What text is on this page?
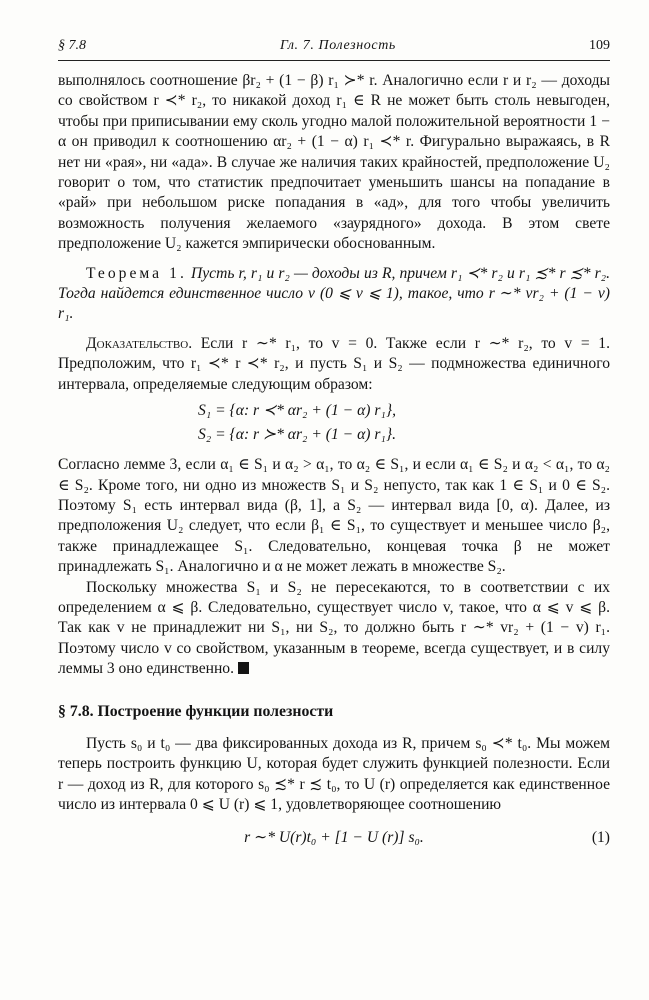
§ 7.8	Гл. 7. Полезность	109

выполнялось соотношение βr₂ + (1 − β) r₁ ≻* r. Аналогично если r и r₂ — доходы со свойством r ≺* r₂, то никакой доход r₁ ∈ R не может быть столь невыгоден, чтобы при приписывании ему сколь угодно малой положительной вероятности 1 − α он приводил к соотношению αr₂ + (1 − α) r₁ ≺* r. Фигурально выражаясь, в R нет ни «рая», ни «ада». В случае же наличия таких крайностей, предположение U₂ говорит о том, что статистик предпочитает уменьшить шансы на попадание в «рай» при небольшом риске попадания в «ад», для того чтобы увеличить возможность получения желаемого «заурядного» дохода. В этом свете предположение U₂ кажется эмпирически обоснованным.

Теорема 1. Пусть r, r₁ и r₂ — доходы из R, причем r₁ ≺* r₂ и r₁ ≾* r ≾* r₂. Тогда найдется единственное число v (0 ⩽ v ⩽ 1), такое, что r ∼* vr₂ + (1 − v) r₁.

Доказательство. Если r ∼* r₁, то v = 0. Также если r ∼* r₂, то v = 1. Предположим, что r₁ ≺* r ≺* r₂, и пусть S₁ и S₂ — подмножества единичного интервала, определяемые следующим образом:

S₁ = {α: r ≺* αr₂ + (1 − α) r₁},
S₂ = {α: r ≻* αr₂ + (1 − α) r₁}.

Согласно лемме 3, если α₁ ∈ S₁ и α₂ > α₁, то α₂ ∈ S₁, и если α₁ ∈ S₂ и α₂ < α₁, то α₂ ∈ S₂. Кроме того, ни одно из множеств S₁ и S₂ непусто, так как 1 ∈ S₁ и 0 ∈ S₂. Поэтому S₁ есть интервал вида (β, 1], а S₂ — интервал вида [0, α). Далее, из предположения U₂ следует, что если β₁ ∈ S₁, то существует и меньшее число β₂, также принадлежащее S₁. Следовательно, концевая точка β не может принадлежать S₁. Аналогично и α не может лежать в множестве S₂.

Поскольку множества S₁ и S₂ не пересекаются, то в соответствии с их определением α ⩽ β. Следовательно, существует число v, такое, что α ⩽ v ⩽ β. Так как v не принадлежит ни S₁, ни S₂, то должно быть r ∼* vr₂ + (1 − v) r₁. Поэтому число v со свойством, указанным в теореме, всегда существует, и в силу леммы 3 оно единственно.

§ 7.8. Построение функции полезности

Пусть s₀ и t₀ — два фиксированных дохода из R, причем s₀ ≺* t₀. Мы можем теперь построить функцию U, которая будет служить функцией полезности. Если r — доход из R, для которого s₀ ≾* r ≾ t₀, то U (r) определяется как единственное число из интервала 0 ⩽ U (r) ⩽ 1, удовлетворяющее соотношению

r ∼* U(r)t₀ + [1 − U (r)] s₀.	(1)
